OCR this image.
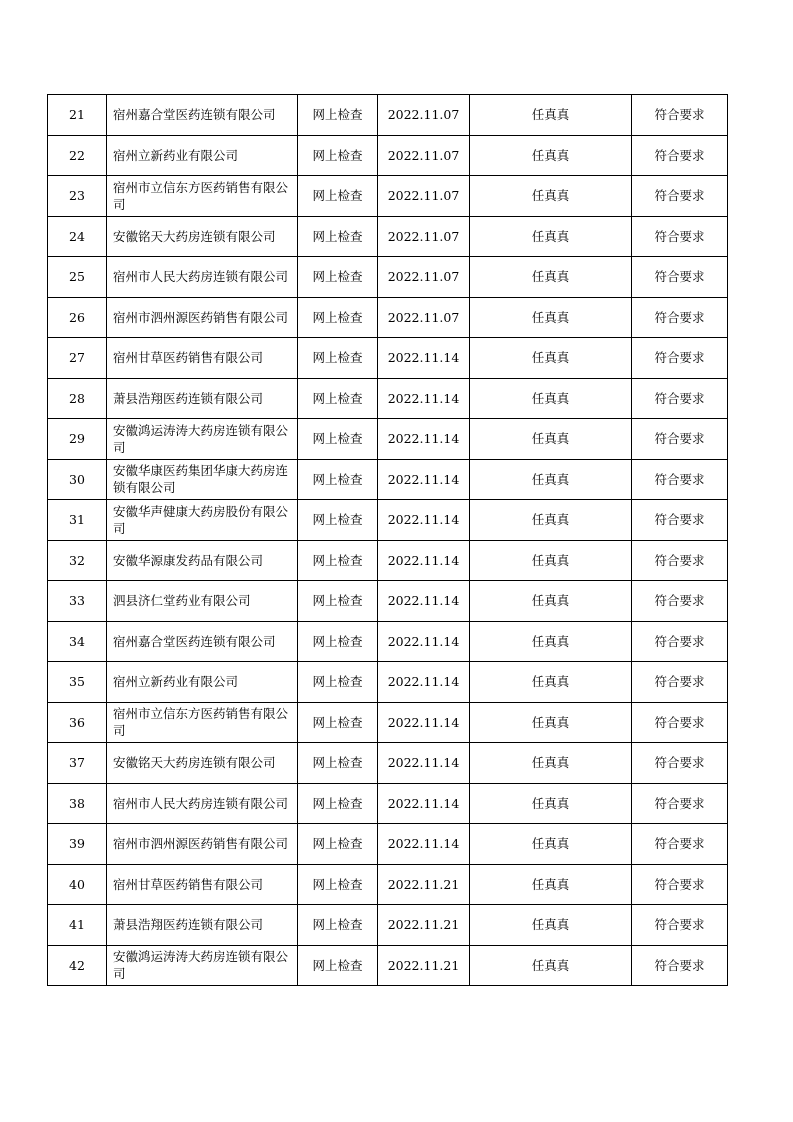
21	宿州嘉合堂医药连锁有限公司	网上检查	2022.11.07	任真真	符合要求
22	宿州立新药业有限公司	网上检查	2022.11.07	任真真	符合要求
23	宿州市立信东方医药销售有限公司	网上检查	2022.11.07	任真真	符合要求
24	安徽铭天大药房连锁有限公司	网上检查	2022.11.07	任真真	符合要求
25	宿州市人民大药房连锁有限公司	网上检查	2022.11.07	任真真	符合要求
26	宿州市泗州源医药销售有限公司	网上检查	2022.11.07	任真真	符合要求
27	宿州甘草医药销售有限公司	网上检查	2022.11.14	任真真	符合要求
28	萧县浩翔医药连锁有限公司	网上检查	2022.11.14	任真真	符合要求
29	安徽鸿运涛涛大药房连锁有限公司	网上检查	2022.11.14	任真真	符合要求
30	安徽华康医药集团华康大药房连锁有限公司	网上检查	2022.11.14	任真真	符合要求
31	安徽华声健康大药房股份有限公司	网上检查	2022.11.14	任真真	符合要求
32	安徽华源康发药品有限公司	网上检查	2022.11.14	任真真	符合要求
33	泗县济仁堂药业有限公司	网上检查	2022.11.14	任真真	符合要求
34	宿州嘉合堂医药连锁有限公司	网上检查	2022.11.14	任真真	符合要求
35	宿州立新药业有限公司	网上检查	2022.11.14	任真真	符合要求
36	宿州市立信东方医药销售有限公司	网上检查	2022.11.14	任真真	符合要求
37	安徽铭天大药房连锁有限公司	网上检查	2022.11.14	任真真	符合要求
38	宿州市人民大药房连锁有限公司	网上检查	2022.11.14	任真真	符合要求
39	宿州市泗州源医药销售有限公司	网上检查	2022.11.14	任真真	符合要求
40	宿州甘草医药销售有限公司	网上检查	2022.11.21	任真真	符合要求
41	萧县浩翔医药连锁有限公司	网上检查	2022.11.21	任真真	符合要求
42	安徽鸿运涛涛大药房连锁有限公司	网上检查	2022.11.21	任真真	符合要求
